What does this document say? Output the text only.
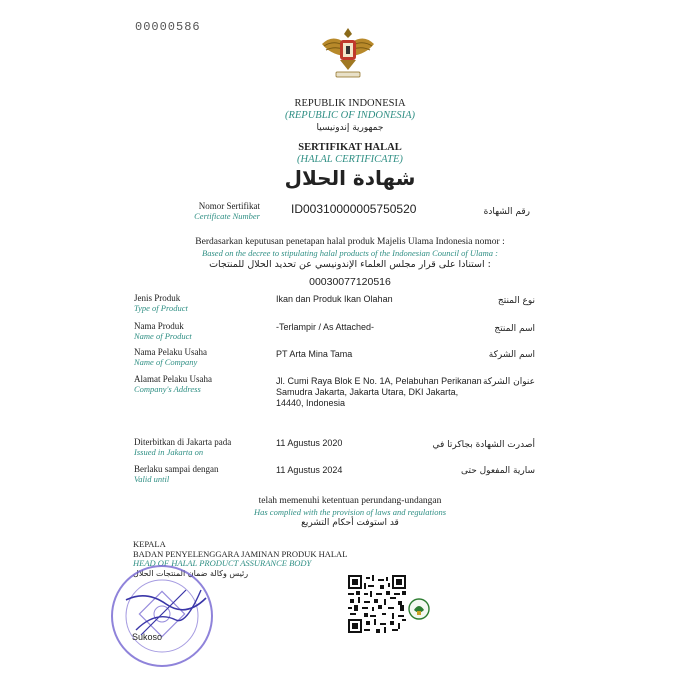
00000586
REPUBLIK INDONESIA
(REPUBLIC OF INDONESIA)
جمهورية إندونيسيا
SERTIFIKAT HALAL
(HALAL CERTIFICATE)
شهادة الحلال
Nomor Sertifikat
Certificate Number	ID00310000005750520	رقم الشهادة
Berdasarkan keputusan penetapan halal produk Majelis Ulama Indonesia nomor :
Based on the decree to stipulating halal products of the Indonesian Council of Ulama :
استنادا على قرار مجلس العلماء الإندونيسي عن تحديد الحلال للمنتجات :
00030077120516
Jenis Produk
Type of Product
Ikan dan Produk Ikan Olahan	نوع المنتج
Nama Produk
Name of Product
-Terlampir / As Attached-	اسم المنتج
Nama Pelaku Usaha
Name of Company
PT Arta Mina Tama	اسم الشركة
Alamat Pelaku Usaha
Company's Address
Jl. Cumi Raya Blok E No. 1A, Pelabuhan Perikanan Samudra Jakarta, Jakarta Utara, DKI Jakarta, 14440, Indonesia
عنوان الشركة
Diterbitkan di Jakarta pada
Issued in Jakarta on
11 Agustus 2020	أصدرت الشهادة بجاكرتا في
Berlaku sampai dengan
Valid until
11 Agustus 2024	سارية المفعول حتى
telah memenuhi ketentuan perundang-undangan
Has complied with the provision of laws and regulations
قد استوفت أحكام التشريع
KEPALA
BADAN PENYELENGGARA JAMINAN PRODUK HALAL
HEAD OF HALAL PRODUCT ASSURANCE BODY
رئيس وكالة ضمان المنتجات الحلال
Sukoso
